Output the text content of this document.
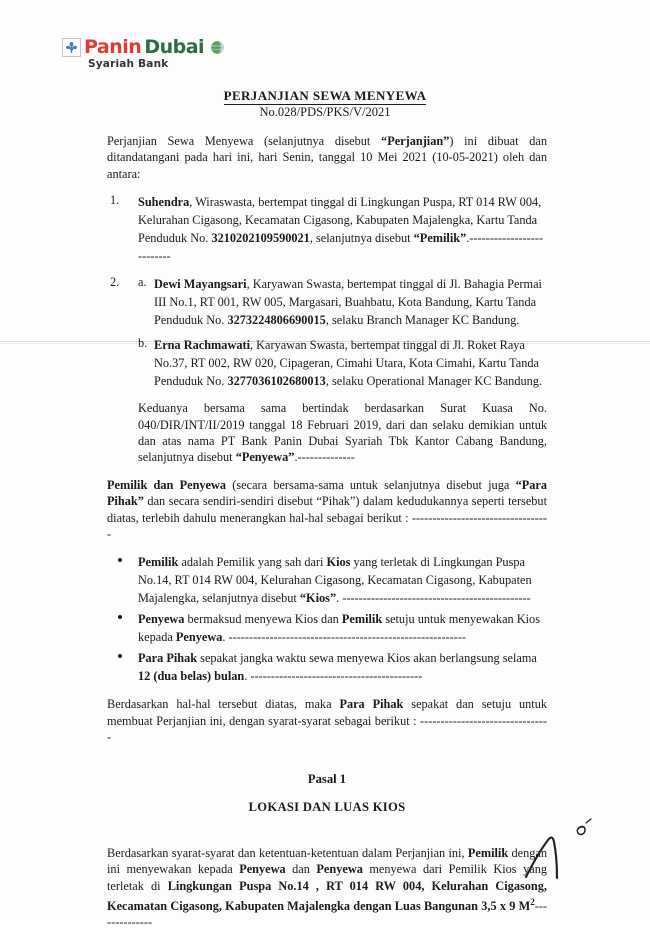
Panin Dubai
Syariah Bank
PERJANJIAN SEWA MENYEWA
No.028/PDS/PKS/V/2021

Perjanjian Sewa Menyewa (selanjutnya disebut “Perjanjian”) ini dibuat dan ditandatangani pada hari ini, hari Senin, tanggal 10 Mei 2021 (10-05-2021) oleh dan antara:

1. Suhendra, Wiraswasta, bertempat tinggal di Lingkungan Puspa, RT 014 RW 004, Kelurahan Cigasong, Kecamatan Cigasong, Kabupaten Majalengka, Kartu Tanda Penduduk No. 3210202109590021, selanjutnya disebut “Pemilik”.--------------------------
2. a. Dewi Mayangsari, Karyawan Swasta, bertempat tinggal di Jl. Bahagia Permai III No.1, RT 001, RW 005, Margasari, Buahbatu, Kota Bandung, Kartu Tanda Penduduk No. 3273224806690015, selaku Branch Manager KC Bandung.
b. Erna Rachmawati, Karyawan Swasta, bertempat tinggal di Jl. Roket Raya No.37, RT 002, RW 020, Cipageran, Cimahi Utara, Kota Cimahi, Kartu Tanda Penduduk No. 3277036102680013, selaku Operational Manager KC Bandung.

Keduanya bersama sama bertindak berdasarkan Surat Kuasa No. 040/DIR/INT/II/2019 tanggal 18 Februari 2019, dari dan selaku demikian untuk dan atas nama PT Bank Panin Dubai Syariah Tbk Kantor Cabang Bandung, selanjutnya disebut “Penyewa”.--------------

Pemilik dan Penyewa (secara bersama-sama untuk selanjutnya disebut juga “Para Pihak” dan secara sendiri-sendiri disebut “Pihak”) dalam kedudukannya seperti tersebut diatas, terlebih dahulu menerangkan hal-hal sebagai berikut : ----------------------------------

Pemilik adalah Pemilik yang sah dari Kios yang terletak di Lingkungan Puspa No.14, RT 014 RW 004, Kelurahan Cigasong, Kecamatan Cigasong, Kabupaten Majalengka, selanjutnya disebut “Kios”. ----------------------------------------------
Penyewa bermaksud menyewa Kios dan Pemilik setuju untuk menyewakan Kios kepada Penyewa. ----------------------------------------------------------
Para Pihak sepakat jangka waktu sewa menyewa Kios akan berlangsung selama 12 (dua belas) bulan. ------------------------------------------

Berdasarkan hal-hal tersebut diatas, maka Para Pihak sepakat dan setuju untuk membuat Perjanjian ini, dengan syarat-syarat sebagai berikut : --------------------------------

Pasal 1
LOKASI DAN LUAS KIOS

Berdasarkan syarat-syarat dan ketentuan-ketentuan dalam Perjanjian ini, Pemilik dengan ini menyewakan kepada Penyewa dan Penyewa menyewa dari Pemilik Kios yang terletak di Lingkungan Puspa No.14 , RT 014 RW 004, Kelurahan Cigasong, Kecamatan Cigasong, Kabupaten Majalengka dengan Luas Bangunan 3,5 x 9 $M^2--------------$
